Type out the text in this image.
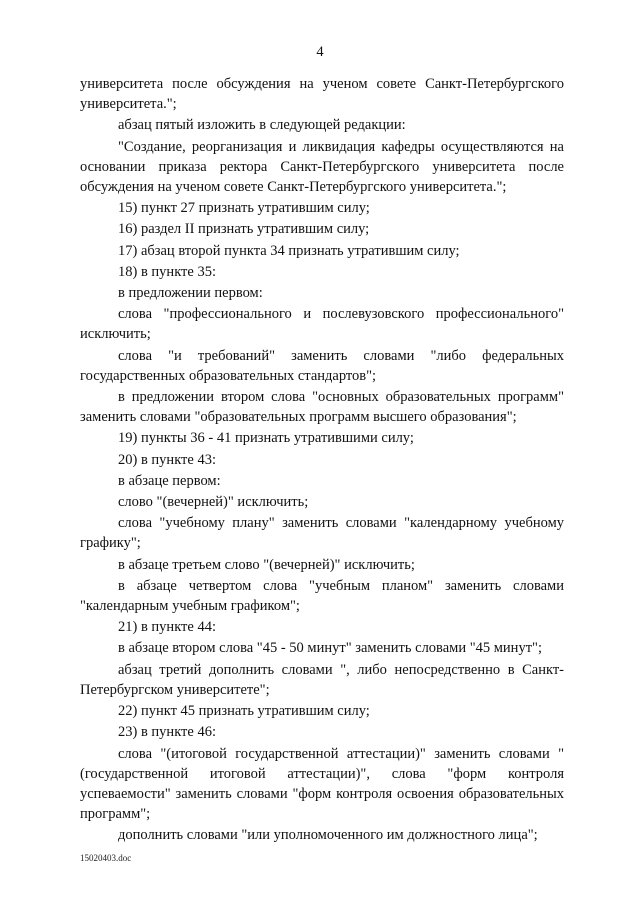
4

университета после обсуждения на ученом совете Санкт-Петербургского университета.";

абзац пятый изложить в следующей редакции:

"Создание, реорганизация и ликвидация кафедры осуществляются на основании приказа ректора Санкт-Петербургского университета после обсуждения на ученом совете Санкт-Петербургского университета.";

15) пункт 27 признать утратившим силу;

16) раздел II признать утратившим силу;

17) абзац второй пункта 34 признать утратившим силу;

18) в пункте 35:

в предложении первом:

слова "профессионального и послевузовского профессионального" исключить;

слова "и требований" заменить словами "либо федеральных государственных образовательных стандартов";

в предложении втором слова "основных образовательных программ" заменить словами "образовательных программ высшего образования";

19) пункты 36 - 41 признать утратившими силу;

20) в пункте 43:

в абзаце первом:

слово "(вечерней)" исключить;

слова "учебному плану" заменить словами "календарному учебному графику";

в абзаце третьем слово "(вечерней)" исключить;

в абзаце четвертом слова "учебным планом" заменить словами "календарным учебным графиком";

21) в пункте 44:

в абзаце втором слова "45 - 50 минут" заменить словами "45 минут";

абзац третий дополнить словами ", либо непосредственно в Санкт-Петербургском университете";

22) пункт 45 признать утратившим силу;

23) в пункте 46:

слова "(итоговой государственной аттестации)" заменить словами "(государственной итоговой аттестации)", слова "форм контроля успеваемости" заменить словами "форм контроля освоения образовательных программ";

дополнить словами "или уполномоченного им должностного лица";

15020403.doc
